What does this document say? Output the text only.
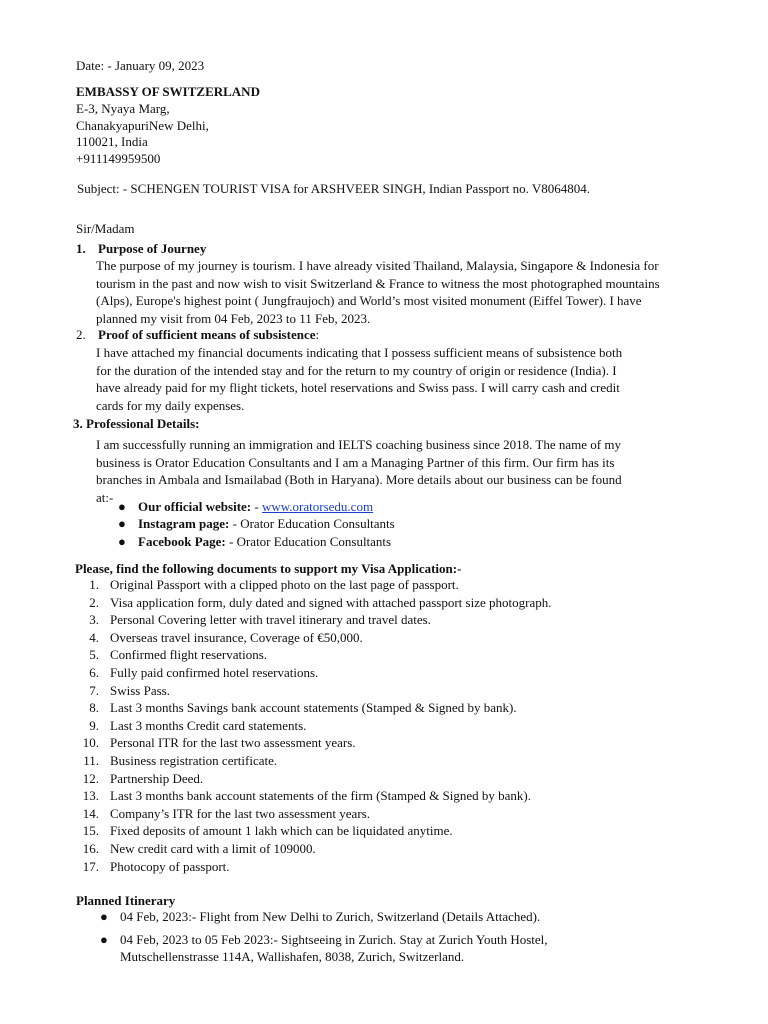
Date: - January 09, 2023
EMBASSY OF SWITZERLAND
E-3, Nyaya Marg,
ChanakyapuriNew Delhi,
110021, India
+911149959500
Subject: - SCHENGEN TOURIST VISA for ARSHVEER SINGH, Indian Passport no. V8064804.
Sir/Madam
1. Purpose of Journey
The purpose of my journey is tourism. I have already visited Thailand, Malaysia, Singapore & Indonesia for
tourism in the past and now wish to visit Switzerland & France to witness the most photographed mountains
(Alps), Europe's highest point ( Jungfraujoch) and World’s most visited monument (Eiffel Tower). I have
planned my visit from 04 Feb, 2023 to 11 Feb, 2023.
2. Proof of sufficient means of subsistence:
I have attached my financial documents indicating that I possess sufficient means of subsistence both
for the duration of the intended stay and for the return to my country of origin or residence (India). I
have already paid for my flight tickets, hotel reservations and Swiss pass. I will carry cash and credit
cards for my daily expenses.
3. Professional Details:
I am successfully running an immigration and IELTS coaching business since 2018. The name of my
business is Orator Education Consultants and I am a Managing Partner of this firm. Our firm has its
branches in Ambala and Ismailabad (Both in Haryana). More details about our business can be found
at:-
● Our official website: - www.oratorsedu.com
● Instagram page: - Orator Education Consultants
● Facebook Page: - Orator Education Consultants
Please, find the following documents to support my Visa Application:-
1. Original Passport with a clipped photo on the last page of passport.
2. Visa application form, duly dated and signed with attached passport size photograph.
3. Personal Covering letter with travel itinerary and travel dates.
4. Overseas travel insurance, Coverage of €50,000.
5. Confirmed flight reservations.
6. Fully paid confirmed hotel reservations.
7. Swiss Pass.
8. Last 3 months Savings bank account statements (Stamped & Signed by bank).
9. Last 3 months Credit card statements.
10. Personal ITR for the last two assessment years.
11. Business registration certificate.
12. Partnership Deed.
13. Last 3 months bank account statements of the firm (Stamped & Signed by bank).
14. Company’s ITR for the last two assessment years.
15. Fixed deposits of amount 1 lakh which can be liquidated anytime.
16. New credit card with a limit of 109000.
17. Photocopy of passport.
Planned Itinerary
● 04 Feb, 2023:- Flight from New Delhi to Zurich, Switzerland (Details Attached).
● 04 Feb, 2023 to 05 Feb 2023:- Sightseeing in Zurich. Stay at Zurich Youth Hostel,
Mutschellenstrasse 114A, Wallishafen, 8038, Zurich, Switzerland.
